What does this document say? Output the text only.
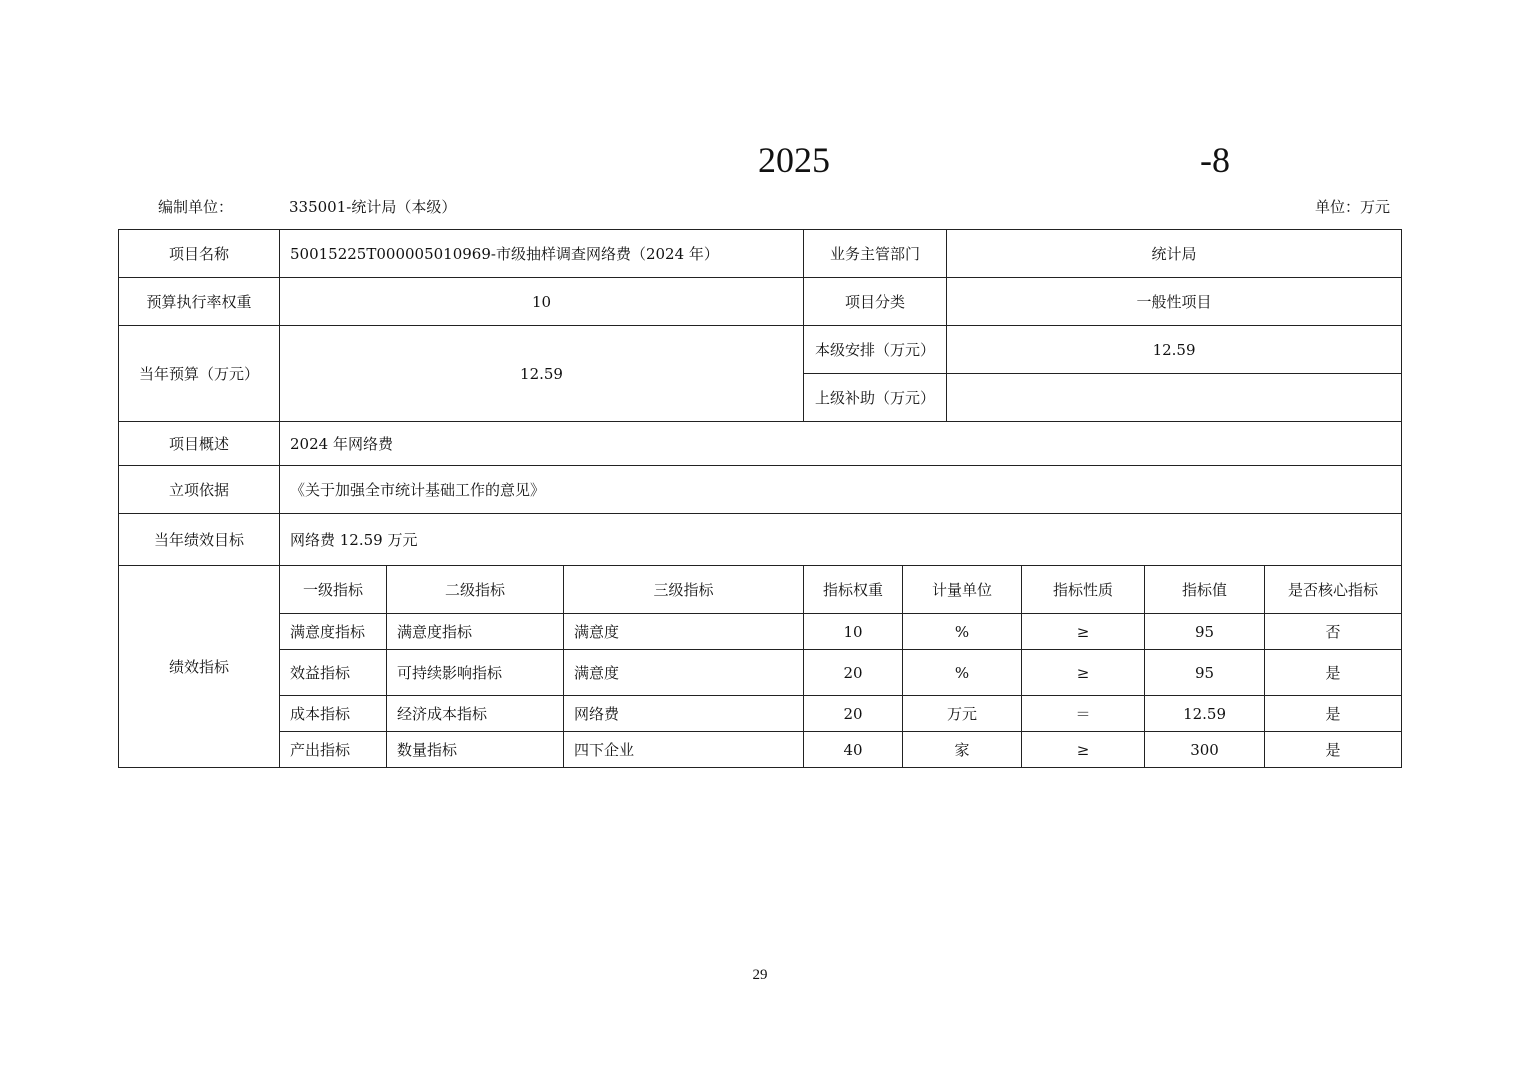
2025	-8
编制单位：	335001-统计局（本级）	单位：万元
项目名称	50015225T000005010969-市级抽样调查网络费（2024 年）			业务主管部门		统计局			
预算执行率权重	10			项目分类		一般性项目			
当年预算（万元）	12.59			本级安排（万元）		12.59			
				上级补助（万元）					
项目概述	2024 年网络费								
立项依据	《关于加强全市统计基础工作的意见》								
当年绩效目标	网络费 12.59 万元								
绩效指标	一级指标	二级指标	三级指标	指标权重	计量单位		指标性质	指标值	是否核心指标
	满意度指标	满意度指标	满意度	10	%		≥	95	否
	效益指标	可持续影响指标	满意度	20	%		≥	95	是
	成本指标	经济成本指标	网络费	20	万元		＝	12.59	是
	产出指标	数量指标	四下企业	40	家		≥	300	是
29
